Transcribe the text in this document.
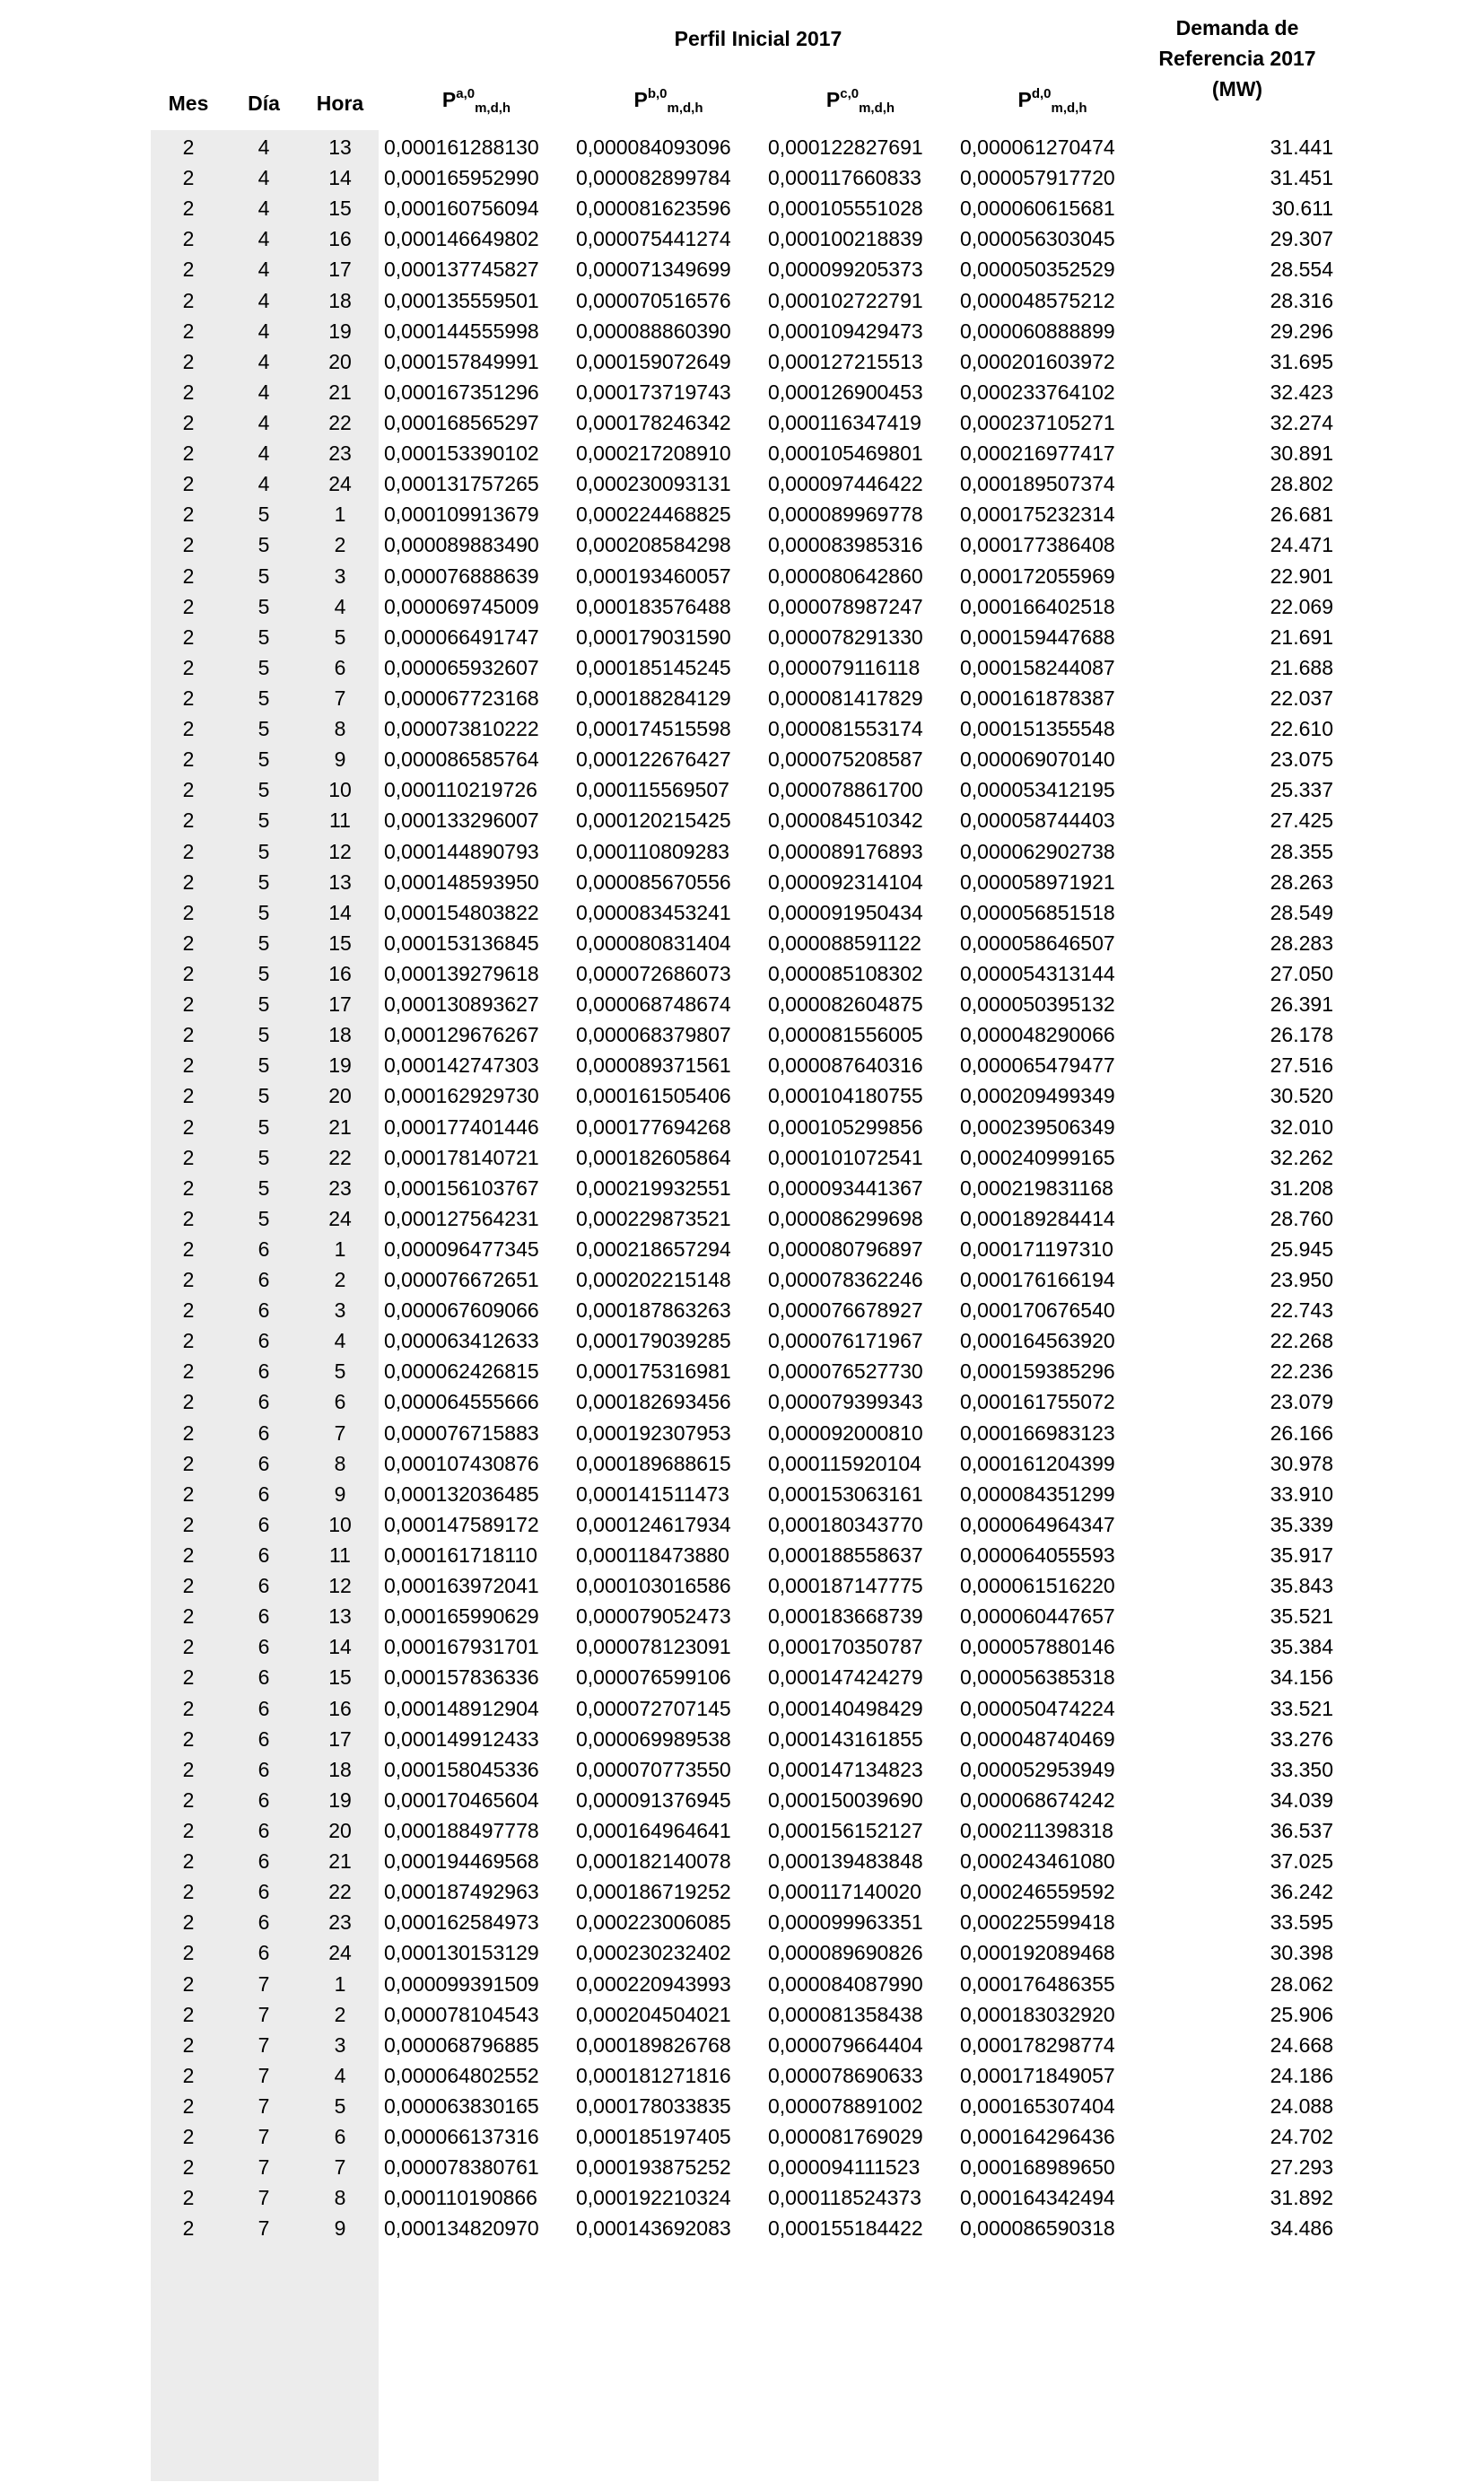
Perfil Inicial 2017
Mes	Día	Hora	P$^{a,0}_{m,d,h}$	P$^{b,0}_{m,d,h}$	P$^{c,0}_{m,d,h}$	P$^{d,0}_{m,d,h}$
Demanda de
Referencia 2017
(MW)
2	4	13	0,000161288130	0,000084093096	0,000122827691	0,000061270474	31.441
2	4	14	0,000165952990	0,000082899784	0,000117660833	0,000057917720	31.451
2	4	15	0,000160756094	0,000081623596	0,000105551028	0,000060615681	30.611
2	4	16	0,000146649802	0,000075441274	0,000100218839	0,000056303045	29.307
2	4	17	0,000137745827	0,000071349699	0,000099205373	0,000050352529	28.554
2	4	18	0,000135559501	0,000070516576	0,000102722791	0,000048575212	28.316
2	4	19	0,000144555998	0,000088860390	0,000109429473	0,000060888899	29.296
2	4	20	0,000157849991	0,000159072649	0,000127215513	0,000201603972	31.695
2	4	21	0,000167351296	0,000173719743	0,000126900453	0,000233764102	32.423
2	4	22	0,000168565297	0,000178246342	0,000116347419	0,000237105271	32.274
2	4	23	0,000153390102	0,000217208910	0,000105469801	0,000216977417	30.891
2	4	24	0,000131757265	0,000230093131	0,000097446422	0,000189507374	28.802
2	5	1	0,000109913679	0,000224468825	0,000089969778	0,000175232314	26.681
2	5	2	0,000089883490	0,000208584298	0,000083985316	0,000177386408	24.471
2	5	3	0,000076888639	0,000193460057	0,000080642860	0,000172055969	22.901
2	5	4	0,000069745009	0,000183576488	0,000078987247	0,000166402518	22.069
2	5	5	0,000066491747	0,000179031590	0,000078291330	0,000159447688	21.691
2	5	6	0,000065932607	0,000185145245	0,000079116118	0,000158244087	21.688
2	5	7	0,000067723168	0,000188284129	0,000081417829	0,000161878387	22.037
2	5	8	0,000073810222	0,000174515598	0,000081553174	0,000151355548	22.610
2	5	9	0,000086585764	0,000122676427	0,000075208587	0,000069070140	23.075
2	5	10	0,000110219726	0,000115569507	0,000078861700	0,000053412195	25.337
2	5	11	0,000133296007	0,000120215425	0,000084510342	0,000058744403	27.425
2	5	12	0,000144890793	0,000110809283	0,000089176893	0,000062902738	28.355
2	5	13	0,000148593950	0,000085670556	0,000092314104	0,000058971921	28.263
2	5	14	0,000154803822	0,000083453241	0,000091950434	0,000056851518	28.549
2	5	15	0,000153136845	0,000080831404	0,000088591122	0,000058646507	28.283
2	5	16	0,000139279618	0,000072686073	0,000085108302	0,000054313144	27.050
2	5	17	0,000130893627	0,000068748674	0,000082604875	0,000050395132	26.391
2	5	18	0,000129676267	0,000068379807	0,000081556005	0,000048290066	26.178
2	5	19	0,000142747303	0,000089371561	0,000087640316	0,000065479477	27.516
2	5	20	0,000162929730	0,000161505406	0,000104180755	0,000209499349	30.520
2	5	21	0,000177401446	0,000177694268	0,000105299856	0,000239506349	32.010
2	5	22	0,000178140721	0,000182605864	0,000101072541	0,000240999165	32.262
2	5	23	0,000156103767	0,000219932551	0,000093441367	0,000219831168	31.208
2	5	24	0,000127564231	0,000229873521	0,000086299698	0,000189284414	28.760
2	6	1	0,000096477345	0,000218657294	0,000080796897	0,000171197310	25.945
2	6	2	0,000076672651	0,000202215148	0,000078362246	0,000176166194	23.950
2	6	3	0,000067609066	0,000187863263	0,000076678927	0,000170676540	22.743
2	6	4	0,000063412633	0,000179039285	0,000076171967	0,000164563920	22.268
2	6	5	0,000062426815	0,000175316981	0,000076527730	0,000159385296	22.236
2	6	6	0,000064555666	0,000182693456	0,000079399343	0,000161755072	23.079
2	6	7	0,000076715883	0,000192307953	0,000092000810	0,000166983123	26.166
2	6	8	0,000107430876	0,000189688615	0,000115920104	0,000161204399	30.978
2	6	9	0,000132036485	0,000141511473	0,000153063161	0,000084351299	33.910
2	6	10	0,000147589172	0,000124617934	0,000180343770	0,000064964347	35.339
2	6	11	0,000161718110	0,000118473880	0,000188558637	0,000064055593	35.917
2	6	12	0,000163972041	0,000103016586	0,000187147775	0,000061516220	35.843
2	6	13	0,000165990629	0,000079052473	0,000183668739	0,000060447657	35.521
2	6	14	0,000167931701	0,000078123091	0,000170350787	0,000057880146	35.384
2	6	15	0,000157836336	0,000076599106	0,000147424279	0,000056385318	34.156
2	6	16	0,000148912904	0,000072707145	0,000140498429	0,000050474224	33.521
2	6	17	0,000149912433	0,000069989538	0,000143161855	0,000048740469	33.276
2	6	18	0,000158045336	0,000070773550	0,000147134823	0,000052953949	33.350
2	6	19	0,000170465604	0,000091376945	0,000150039690	0,000068674242	34.039
2	6	20	0,000188497778	0,000164964641	0,000156152127	0,000211398318	36.537
2	6	21	0,000194469568	0,000182140078	0,000139483848	0,000243461080	37.025
2	6	22	0,000187492963	0,000186719252	0,000117140020	0,000246559592	36.242
2	6	23	0,000162584973	0,000223006085	0,000099963351	0,000225599418	33.595
2	6	24	0,000130153129	0,000230232402	0,000089690826	0,000192089468	30.398
2	7	1	0,000099391509	0,000220943993	0,000084087990	0,000176486355	28.062
2	7	2	0,000078104543	0,000204504021	0,000081358438	0,000183032920	25.906
2	7	3	0,000068796885	0,000189826768	0,000079664404	0,000178298774	24.668
2	7	4	0,000064802552	0,000181271816	0,000078690633	0,000171849057	24.186
2	7	5	0,000063830165	0,000178033835	0,000078891002	0,000165307404	24.088
2	7	6	0,000066137316	0,000185197405	0,000081769029	0,000164296436	24.702
2	7	7	0,000078380761	0,000193875252	0,000094111523	0,000168989650	27.293
2	7	8	0,000110190866	0,000192210324	0,000118524373	0,000164342494	31.892
2	7	9	0,000134820970	0,000143692083	0,000155184422	0,000086590318	34.486
